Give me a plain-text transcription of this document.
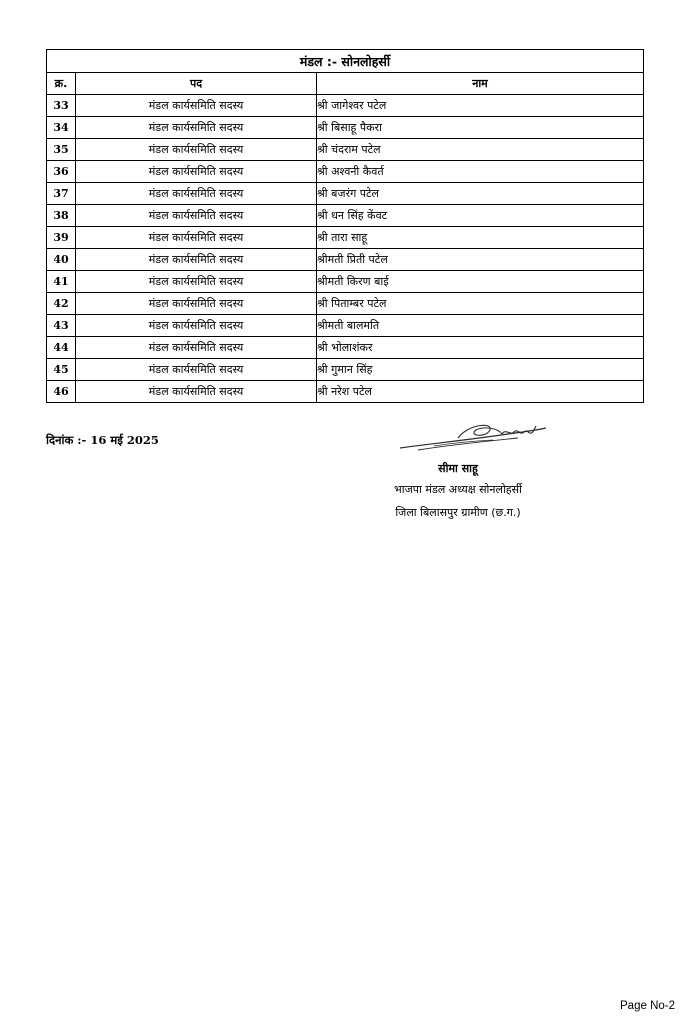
मंडल :- सोनलोहर्सी		
क्र.	पद	नाम
33	मंडल कार्यसमिति सदस्य	श्री जागेश्वर पटेल
34	मंडल कार्यसमिति सदस्य	श्री बिसाहू पैकरा
35	मंडल कार्यसमिति सदस्य	श्री चंदराम पटेल
36	मंडल कार्यसमिति सदस्य	श्री अश्वनी कैवर्त
37	मंडल कार्यसमिति सदस्य	श्री बजरंग पटेल
38	मंडल कार्यसमिति सदस्य	श्री धन सिंह केंवट
39	मंडल कार्यसमिति सदस्य	श्री तारा साहू
40	मंडल कार्यसमिति सदस्य	श्रीमती प्रिती पटेल
41	मंडल कार्यसमिति सदस्य	श्रीमती किरण बाई
42	मंडल कार्यसमिति सदस्य	श्री पिताम्बर पटेल
43	मंडल कार्यसमिति सदस्य	श्रीमती बालमति
44	मंडल कार्यसमिति सदस्य	श्री भोलाशंकर
45	मंडल कार्यसमिति सदस्य	श्री गुमान सिंह
46	मंडल कार्यसमिति सदस्य	श्री नरेश पटेल
दिनांक :- 16 मई 2025
सीमा साहू
भाजपा मंडल अध्यक्ष सोनलोहर्सी
जिला बिलासपुर ग्रामीण (छ.ग.)
Page No-2
